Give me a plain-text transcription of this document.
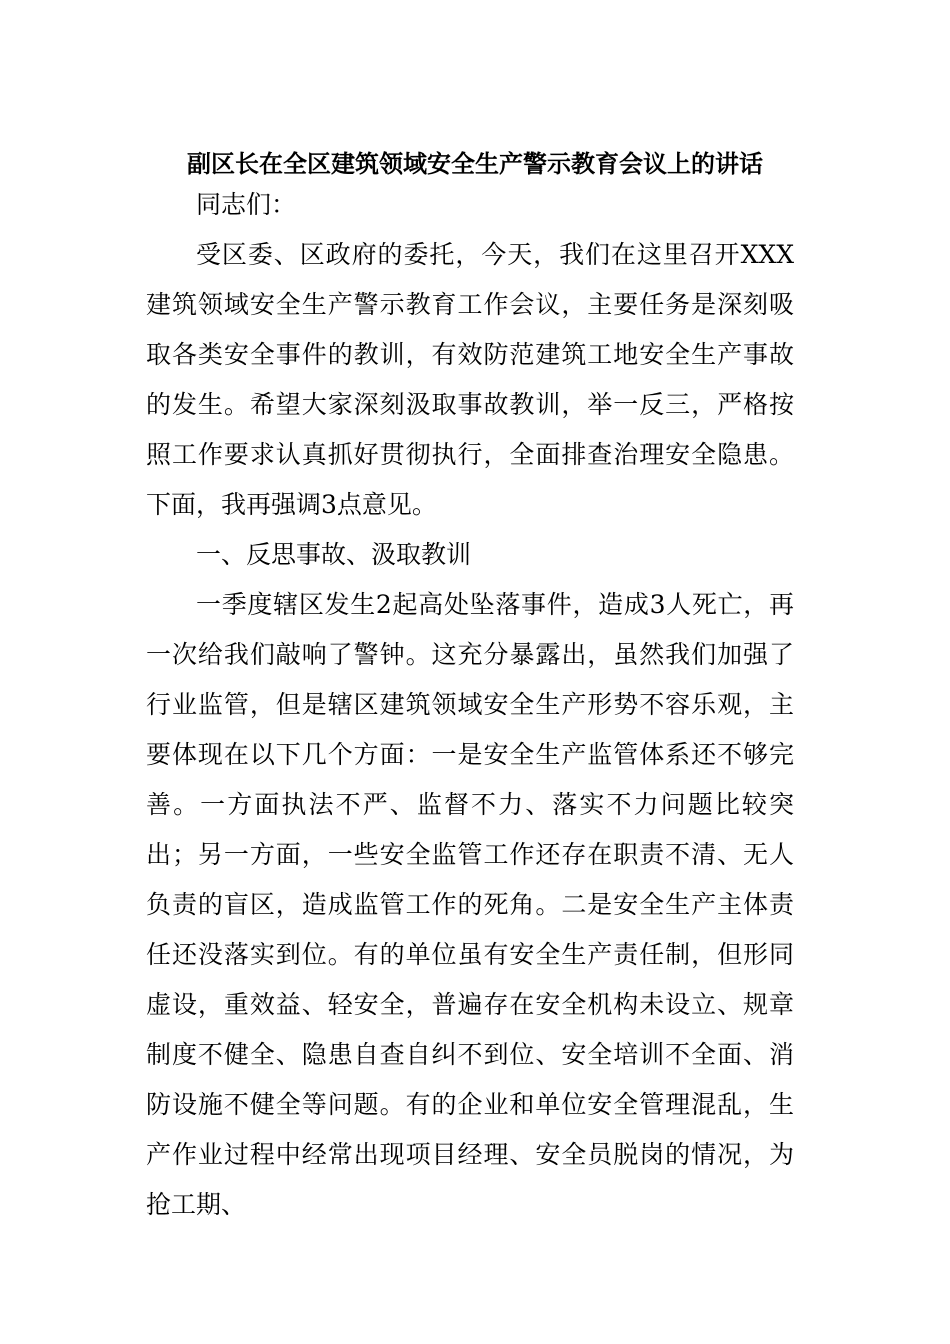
副区长在全区建筑领域安全生产警示教育会议上的讲话

同志们：

受区委、区政府的委托，今天，我们在这里召开XXX建筑领域安全生产警示教育工作会议，主要任务是深刻吸取各类安全事件的教训，有效防范建筑工地安全生产事故的发生。希望大家深刻汲取事故教训，举一反三，严格按照工作要求认真抓好贯彻执行，全面排查治理安全隐患。下面，我再强调3点意见。

一、反思事故、汲取教训

一季度辖区发生2起高处坠落事件，造成3人死亡，再一次给我们敲响了警钟。这充分暴露出，虽然我们加强了行业监管，但是辖区建筑领域安全生产形势不容乐观，主要体现在以下几个方面：一是安全生产监管体系还不够完善。一方面执法不严、监督不力、落实不力问题比较突出；另一方面，一些安全监管工作还存在职责不清、无人负责的盲区，造成监管工作的死角。二是安全生产主体责任还没落实到位。有的单位虽有安全生产责任制，但形同虚设，重效益、轻安全，普遍存在安全机构未设立、规章制度不健全、隐患自查自纠不到位、安全培训不全面、消防设施不健全等问题。有的企业和单位安全管理混乱，生产作业过程中经常出现项目经理、安全员脱岗的情况，为抢工期、
